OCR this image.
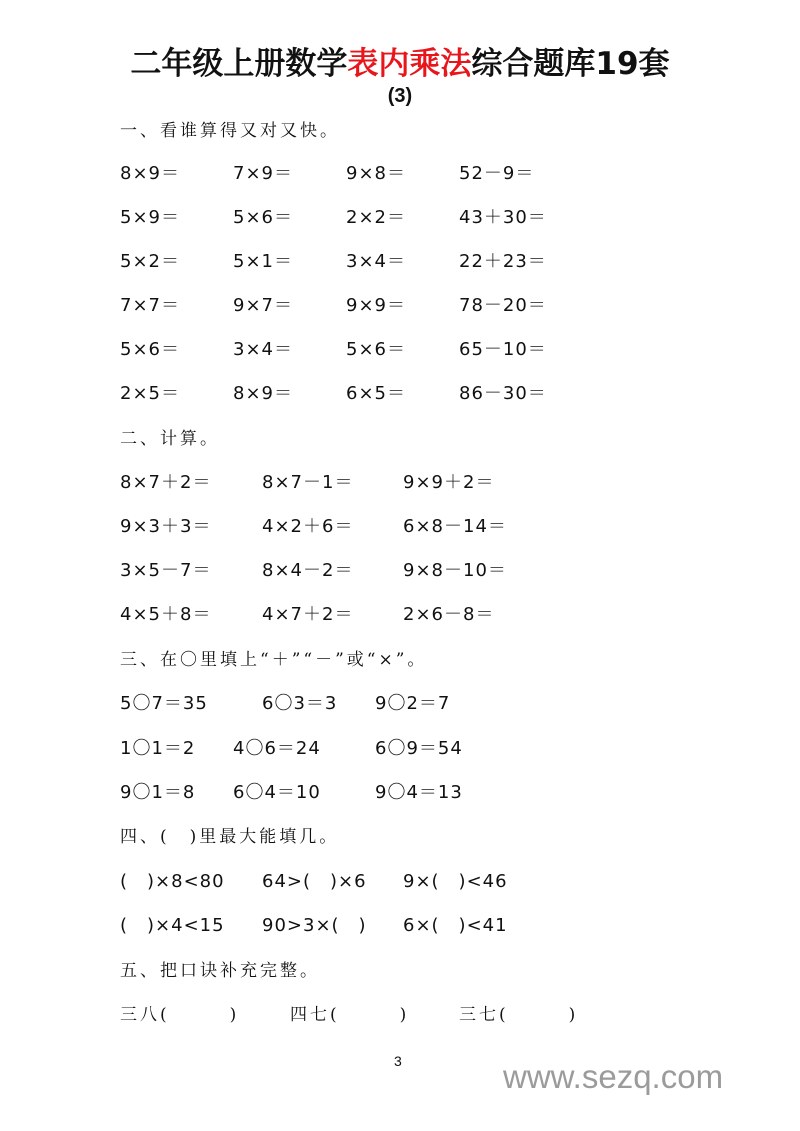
二年级上册数学表内乘法综合题库19套
(3)
一、看谁算得又对又快。
8×9＝	7×9＝	9×8＝	52－9＝
5×9＝	5×6＝	2×2＝	43＋30＝
5×2＝	5×1＝	3×4＝	22＋23＝
7×7＝	9×7＝	9×9＝	78－20＝
5×6＝	3×4＝	5×6＝	65－10＝
2×5＝	8×9＝	6×5＝	86－30＝
二、计算。
8×7＋2＝	8×7－1＝	9×9＋2＝
9×3＋3＝	4×2＋6＝	6×8－14＝
3×5－7＝	8×4－2＝	9×8－10＝
4×5＋8＝	4×7＋2＝	2×6－8＝
三、在〇里填上“＋”“－”或“×”。
5〇7＝35	6〇3＝3 9〇2＝7
1〇1＝2 4〇6＝24	6〇9＝54
9〇1＝8 6〇4＝10	9〇4＝13
四、(　)里最大能填几。
(　)×8<80 64>(　)×6 9×(　)<46
(　)×4<15 90>3×(　) 6×(　)<41
五、把口诀补充完整。
三八(　　　)	四七(　　　)	三七(　　　)
3	www.sezq.com
